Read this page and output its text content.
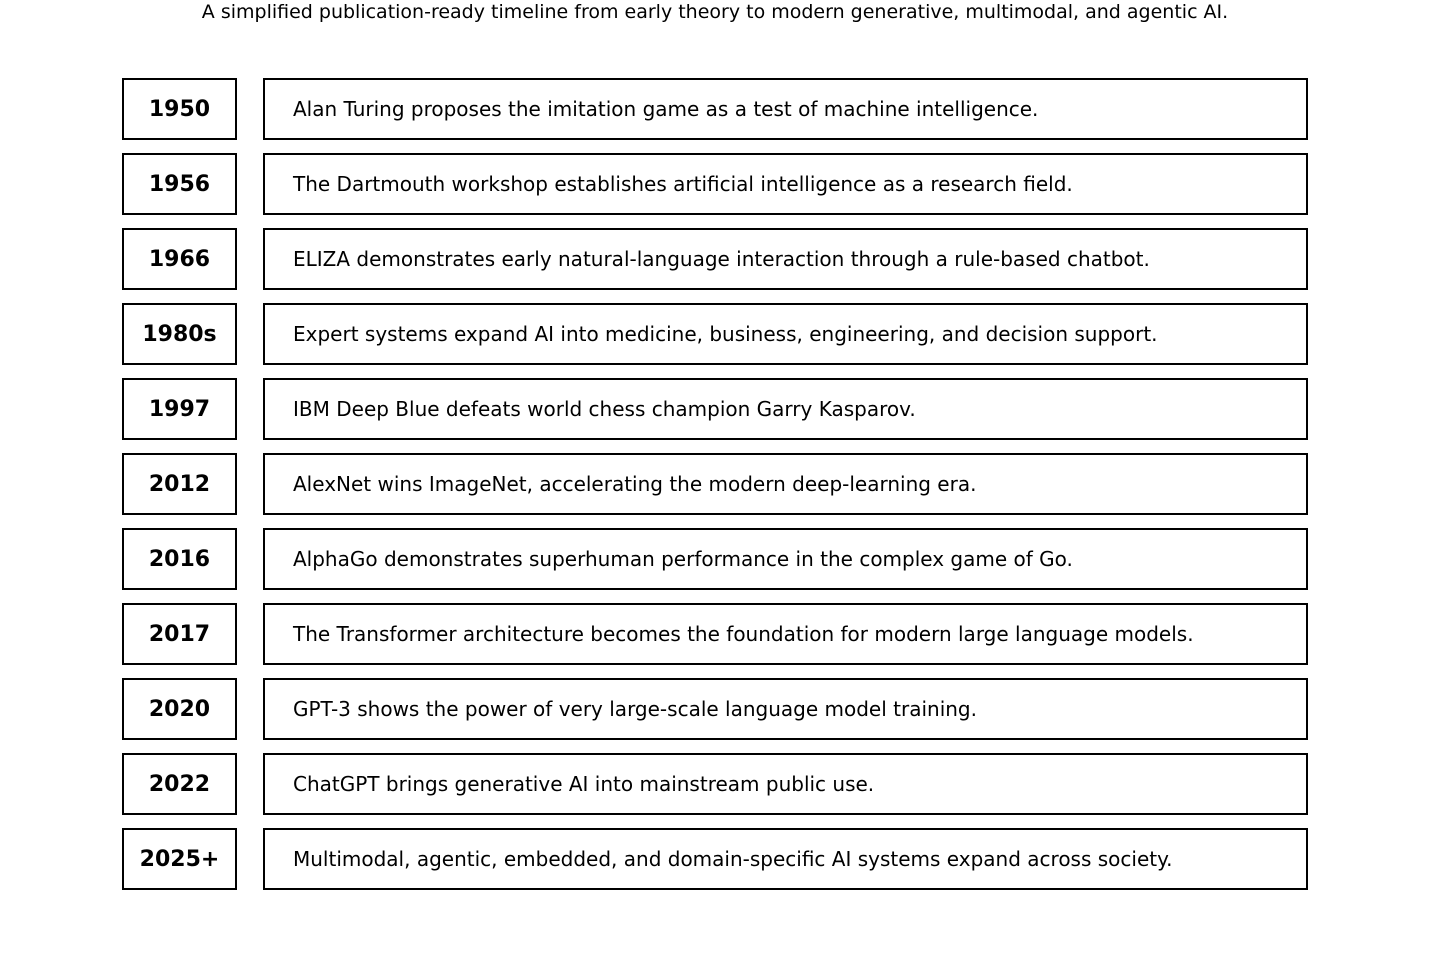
A simplified publication-ready timeline from early theory to modern generative, multimodal, and agentic AI.

1950	Alan Turing proposes the imitation game as a test of machine intelligence.
1956	The Dartmouth workshop establishes artificial intelligence as a research field.
1966	ELIZA demonstrates early natural-language interaction through a rule-based chatbot.
1980s	Expert systems expand AI into medicine, business, engineering, and decision support.
1997	IBM Deep Blue defeats world chess champion Garry Kasparov.
2012	AlexNet wins ImageNet, accelerating the modern deep-learning era.
2016	AlphaGo demonstrates superhuman performance in the complex game of Go.
2017	The Transformer architecture becomes the foundation for modern large language models.
2020	GPT-3 shows the power of very large-scale language model training.
2022	ChatGPT brings generative AI into mainstream public use.
2025+	Multimodal, agentic, embedded, and domain-specific AI systems expand across society.
